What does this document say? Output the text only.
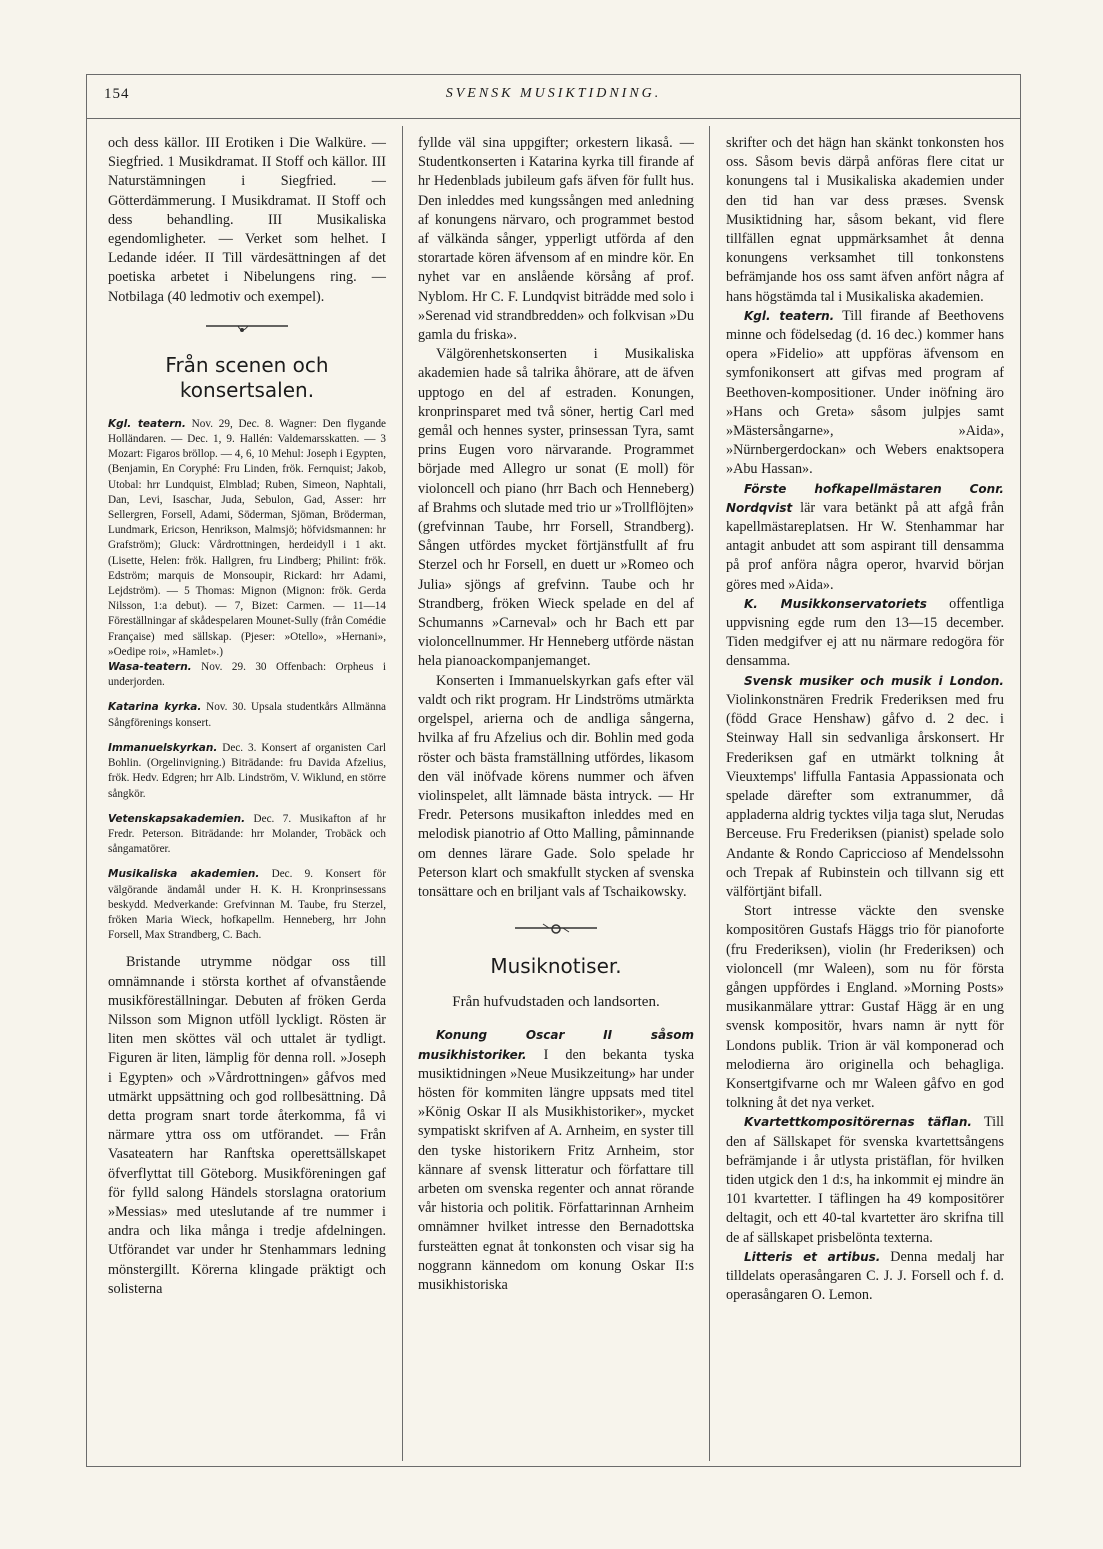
154	SVENSK MUSIKTIDNING.

och dess källor. III Erotiken i Die Walküre. — Siegfried. 1 Musikdramat. II Stoff och källor. III Naturstämningen i Siegfried. — Götterdämmerung. I Musikdramat. II Stoff och dess behandling. III Musikaliska egendomligheter. — Verket som helhet. I Ledande idéer. II Till värdesättningen af det poetiska arbetet i Nibelungens ring. — Notbilaga (40 ledmotiv och exempel).

Från scenen och konsertsalen.
Kgl. teatern. Nov. 29, Dec. 8. Wagner: Den flygande Holländaren. — Dec. 1, 9. Hallén: Valdemarsskatten. — 3 Mozart: Figaros bröllop. — 4, 6, 10 Mehul: Joseph i Egypten, (Benjamin, En Coryphé: Fru Linden, frök. Fernquist; Jakob, Utobal: hrr Lundquist, Elmblad; Ruben, Simeon, Naphtali, Dan, Levi, Isaschar, Juda, Sebulon, Gad, Asser: hrr Sellergren, Forsell, Adami, Söderman, Sjöman, Bröderman, Lundmark, Ericson, Henrikson, Malmsjö; höfvidsmannen: hr Grafström); Gluck: Vårdrottningen, herdeidyll i 1 akt. (Lisette, Helen: frök. Hallgren, fru Lindberg; Philint: frök. Edström; marquis de Monsoupir, Rickard: hrr Adami, Lejdström). — 5 Thomas: Mignon (Mignon: frök. Gerda Nilsson, 1:a debut). — 7, Bizet: Carmen. — 11—14 Föreställningar af skådespelaren Mounet-Sully (från Comédie Française) med sällskap. (Pjeser: »Otello», »Hernani», »Oedipe roi», »Hamlet».)
Wasa-teatern. Nov. 29. 30 Offenbach: Orpheus i underjorden.
Katarina kyrka. Nov. 30. Upsala studentkårs Allmänna Sångförenings konsert.
Immanuelskyrkan. Dec. 3. Konsert af organisten Carl Bohlin. (Orgelinvigning.) Biträdande: fru Davida Afzelius, frök. Hedv. Edgren; hrr Alb. Lindström, V. Wiklund, en större sångkör.
Vetenskapsakademien. Dec. 7. Musikafton af hr Fredr. Peterson. Biträdande: hrr Molander, Trobäck och sångamatörer.
Musikaliska akademien. Dec. 9. Konsert för välgörande ändamål under H. K. H. Kronprinsessans beskydd. Medverkande: Grefvinnan M. Taube, fru Sterzel, fröken Maria Wieck, hofkapellm. Henneberg, hrr John Forsell, Max Strandberg, C. Bach.

Bristande utrymme nödgar oss till omnämnande i största korthet af ofvanstående musikföreställningar. Debuten af fröken Gerda Nilsson som Mignon utföll lyckligt. Rösten är liten men sköttes väl och uttalet är tydligt. Figuren är liten, lämplig för denna roll. »Joseph i Egypten» och »Vårdrottningen» gåfvos med utmärkt uppsättning och god rollbesättning. Då detta program snart torde återkomma, få vi närmare yttra oss om utförandet. — Från Vasateatern har Ranftska operettsällskapet öfverflyttat till Göteborg. Musikföreningen gaf för fylld salong Händels storslagna oratorium »Messias» med uteslutande af tre nummer i andra och lika många i tredje afdelningen. Utförandet var under hr Stenhammars ledning mönstergillt. Körerna klingade präktigt och solisterna

fyllde väl sina uppgifter; orkestern likaså. — Studentkonserten i Katarina kyrka till firande af hr Hedenblads jubileum gafs äfven för fullt hus. Den inleddes med kungssången med anledning af konungens närvaro, och programmet bestod af välkända sånger, ypperligt utförda af den storartade kören äfvensom af en mindre kör. En nyhet var en anslående körsång af prof. Nyblom. Hr C. F. Lundqvist biträdde med solo i »Serenad vid strandbredden» och folkvisan »Du gamla du friska».

Välgörenhetskonserten i Musikaliska akademien hade så talrika åhörare, att de äfven upptogo en del af estraden. Konungen, kronprinsparet med två söner, hertig Carl med gemål och hennes syster, prinsessan Tyra, samt prins Eugen voro närvarande. Programmet började med Allegro ur sonat (E moll) för violoncell och piano (hrr Bach och Henneberg) af Brahms och slutade med trio ur »Trollflöjten» (grefvinnan Taube, hrr Forsell, Strandberg). Sången utfördes mycket förtjänstfullt af fru Sterzel och hr Forsell, en duett ur »Romeo och Julia» sjöngs af grefvinn. Taube och hr Strandberg, fröken Wieck spelade en del af Schumanns »Carneval» och hr Bach ett par violoncellnummer. Hr Henneberg utförde nästan hela pianoackompanjemanget.

Konserten i Immanuelskyrkan gafs efter väl valdt och rikt program. Hr Lindströms utmärkta orgelspel, arierna och de andliga sångerna, hvilka af fru Afzelius och dir. Bohlin med goda röster och bästa framställning utfördes, likasom den väl inöfvade körens nummer och äfven violinspelet, allt lämnade bästa intryck. — Hr Fredr. Petersons musikafton inleddes med en melodisk pianotrio af Otto Malling, påminnande om dennes lärare Gade. Solo spelade hr Peterson klart och smakfullt stycken af svenska tonsättare och en briljant vals af Tschaikowsky.

Musiknotiser.
Från hufvudstaden och landsorten.

Konung Oscar II såsom musikhistoriker. I den bekanta tyska musiktidningen »Neue Musikzeitung» har under hösten för kommiten längre uppsats med titel »König Oskar II als Musikhistoriker», mycket sympatiskt skrifven af A. Arnheim, en syster till den tyske historikern Fritz Arnheim, stor kännare af svensk litteratur och författare till arbeten om svenska regenter och annat rörande vår historia och politik. Författarinnan Arnheim omnämner hvilket intresse den Bernadottska fursteätten egnat åt tonkonsten och visar sig ha noggrann kännedom om konung Oskar II:s musikhistoriska

skrifter och det hägn han skänkt tonkonsten hos oss. Såsom bevis därpå anföras flere citat ur konungens tal i Musikaliska akademien under den tid han var dess præses. Svensk Musiktidning har, såsom bekant, vid flere tillfällen egnat uppmärksamhet åt denna konungens verksamhet till tonkonstens befrämjande hos oss samt äfven anfört några af hans högstämda tal i Musikaliska akademien.

Kgl. teatern. Till firande af Beethovens minne och födelsedag (d. 16 dec.) kommer hans opera »Fidelio» att uppföras äfvensom en symfonikonsert att gifvas med program af Beethoven-kompositioner. Under inöfning äro »Hans och Greta» såsom julpjes samt »Mästersångarne», »Aida», »Nürnbergerdockan» och Webers enaktsopera »Abu Hassan».

Förste hofkapellmästaren Conr. Nordqvist lär vara betänkt på att afgå från kapellmästareplatsen. Hr W. Stenhammar har antagit anbudet att som aspirant till densamma på prof anföra några operor, hvarvid början göres med »Aida».

K. Musikkonservatoriets offentliga uppvisning egde rum den 13—15 december. Tiden medgifver ej att nu närmare redogöra för densamma.

Svensk musiker och musik i London. Violinkonstnären Fredrik Frederiksen med fru (född Grace Henshaw) gåfvo d. 2 dec. i Steinway Hall sin sedvanliga årskonsert. Hr Frederiksen gaf en utmärkt tolkning åt Vieuxtemps' liffulla Fantasia Appassionata och spelade därefter som extranummer, då appladerna aldrig tycktes vilja taga slut, Nerudas Berceuse. Fru Frederiksen (pianist) spelade solo Andante & Rondo Capriccioso af Mendelssohn och Trepak af Rubinstein och tillvann sig ett välförtjänt bifall.

Stort intresse väckte den svenske kompositören Gustafs Häggs trio för pianoforte (fru Frederiksen), violin (hr Frederiksen) och violoncell (mr Waleen), som nu för första gången uppfördes i England. »Morning Posts» musikanmälare yttrar: Gustaf Hägg är en ung svensk kompositör, hvars namn är nytt för Londons publik. Trion är väl komponerad och melodierna äro originella och behagliga. Konsertgifvarne och mr Waleen gåfvo en god tolkning åt det nya verket.

Kvartettkompositörernas täflan. Till den af Sällskapet för svenska kvartettsångens befrämjande i år utlysta pristäflan, för hvilken tiden utgick den 1 d:s, ha inkommit ej mindre än 101 kvartetter. I täflingen ha 49 kompositörer deltagit, och ett 40-tal kvartetter äro skrifna till de af sällskapet prisbelönta texterna.

Litteris et artibus. Denna medalj har tilldelats operasångaren C. J. J. Forsell och f. d. operasångaren O. Lemon.
